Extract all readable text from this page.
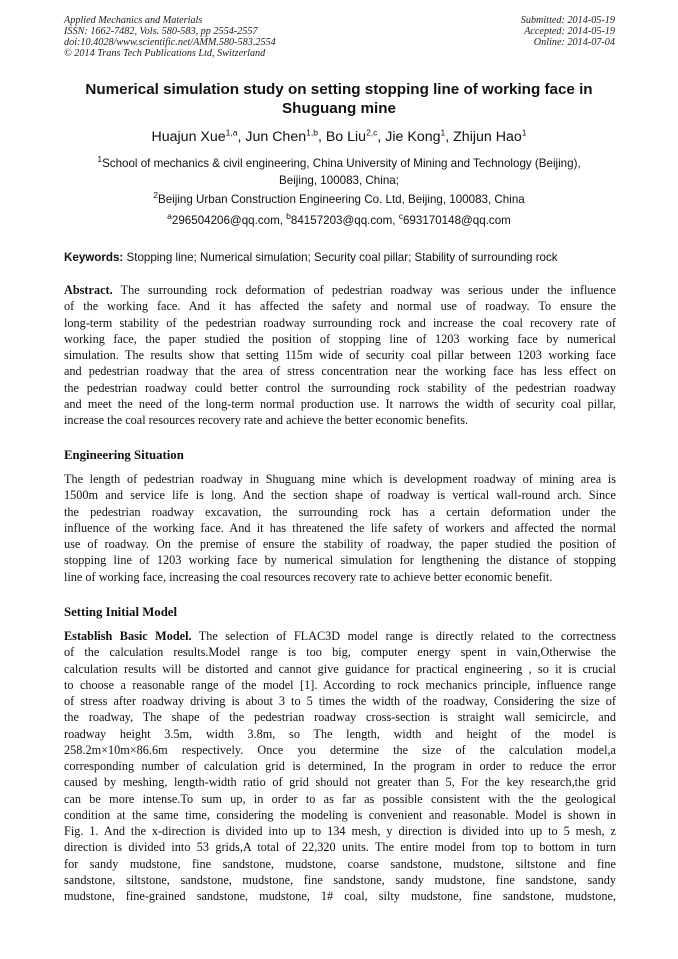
Applied Mechanics and Materials
ISSN: 1662-7482, Vols. 580-583, pp 2554-2557
doi:10.4028/www.scientific.net/AMM.580-583.2554
© 2014 Trans Tech Publications Ltd, Switzerland
Submitted: 2014-05-19
Accepted: 2014-05-19
Online: 2014-07-04
Numerical simulation study on setting stopping line of working face in Shuguang mine
Huajun Xue$^{1,a}$, Jun Chen$^{1,b}$, Bo Liu$^{2,c}$, Jie Kong$^1$, Zhijun Hao$^1$
$^1$School of mechanics & civil engineering, China University of Mining and Technology (Beijing),
Beijing, 100083, China;
$^2$Beijing Urban Construction Engineering Co. Ltd, Beijing, 100083, China
$^a$296504206@qq.com, $^b$84157203@qq.com, $^c$693170148@qq.com
Keywords: Stopping line; Numerical simulation; Security coal pillar; Stability of surrounding rock
Abstract. The surrounding rock deformation of pedestrian roadway was serious under the influence
of the working face. And it has affected the safety and normal use of roadway. To ensure the
long-term stability of the pedestrian roadway surrounding rock and increase the coal recovery rate of
working face, the paper studied the position of stopping line of 1203 working face by numerical
simulation. The results show that setting 115m wide of security coal pillar between 1203 working face
and pedestrian roadway that the area of stress concentration near the working face has less effect on
the pedestrian roadway could better control the surrounding rock stability of the pedestrian roadway
and meet the need of the long-term normal production use. It narrows the width of security coal pillar,
increase the coal resources recovery rate and achieve the better economic benefits.
Engineering Situation
The length of pedestrian roadway in Shuguang mine which is development roadway of mining area is
1500m and service life is long. And the section shape of roadway is vertical wall-round arch. Since
the pedestrian roadway excavation, the surrounding rock has a certain deformation under the
influence of the working face. And it has threatened the life safety of workers and affected the normal
use of roadway. On the premise of ensure the stability of roadway, the paper studied the position of
stopping line of 1203 working face by numerical simulation for lengthening the distance of stopping
line of working face, increasing the coal resources recovery rate to achieve better economic benefit.
Setting Initial Model
Establish Basic Model. The selection of FLAC3D model range is directly related to the correctness
of the calculation results.Model range is too big, computer energy spent in vain,Otherwise the
calculation results will be distorted and cannot give guidance for practical engineering , so it is crucial
to choose a reasonable range of the model [1]. According to rock mechanics principle, influence range
of stress after roadway driving is about 3 to 5 times the width of the roadway, Considering the size of
the roadway, The shape of the pedestrian roadway cross-section is straight wall semicircle, and
roadway height 3.5m, width 3.8m, so The length, width and height of the model is
258.2m×10m×86.6m respectively. Once you determine the size of the calculation model,a
corresponding number of calculation grid is determined, In the program in order to reduce the error
caused by meshing, length-width ratio of grid should not greater than 5, For the key research,the grid
can be more intense.To sum up, in order to as far as possible consistent with the the geological
condition at the same time, considering the modeling is convenient and reasonable. Model is shown in
Fig. 1. And the x-direction is divided into up to 134 mesh, y direction is divided into up to 5 mesh, z
direction is divided into 53 grids,A total of 22,320 units. The entire model from top to bottom in turn
for sandy mudstone, fine sandstone, mudstone, coarse sandstone, mudstone, siltstone and fine
sandstone, siltstone, sandstone, mudstone, fine sandstone, sandy mudstone, fine sandstone, sandy
mudstone, fine-grained sandstone, mudstone, 1# coal, silty mudstone, fine sandstone, mudstone,
